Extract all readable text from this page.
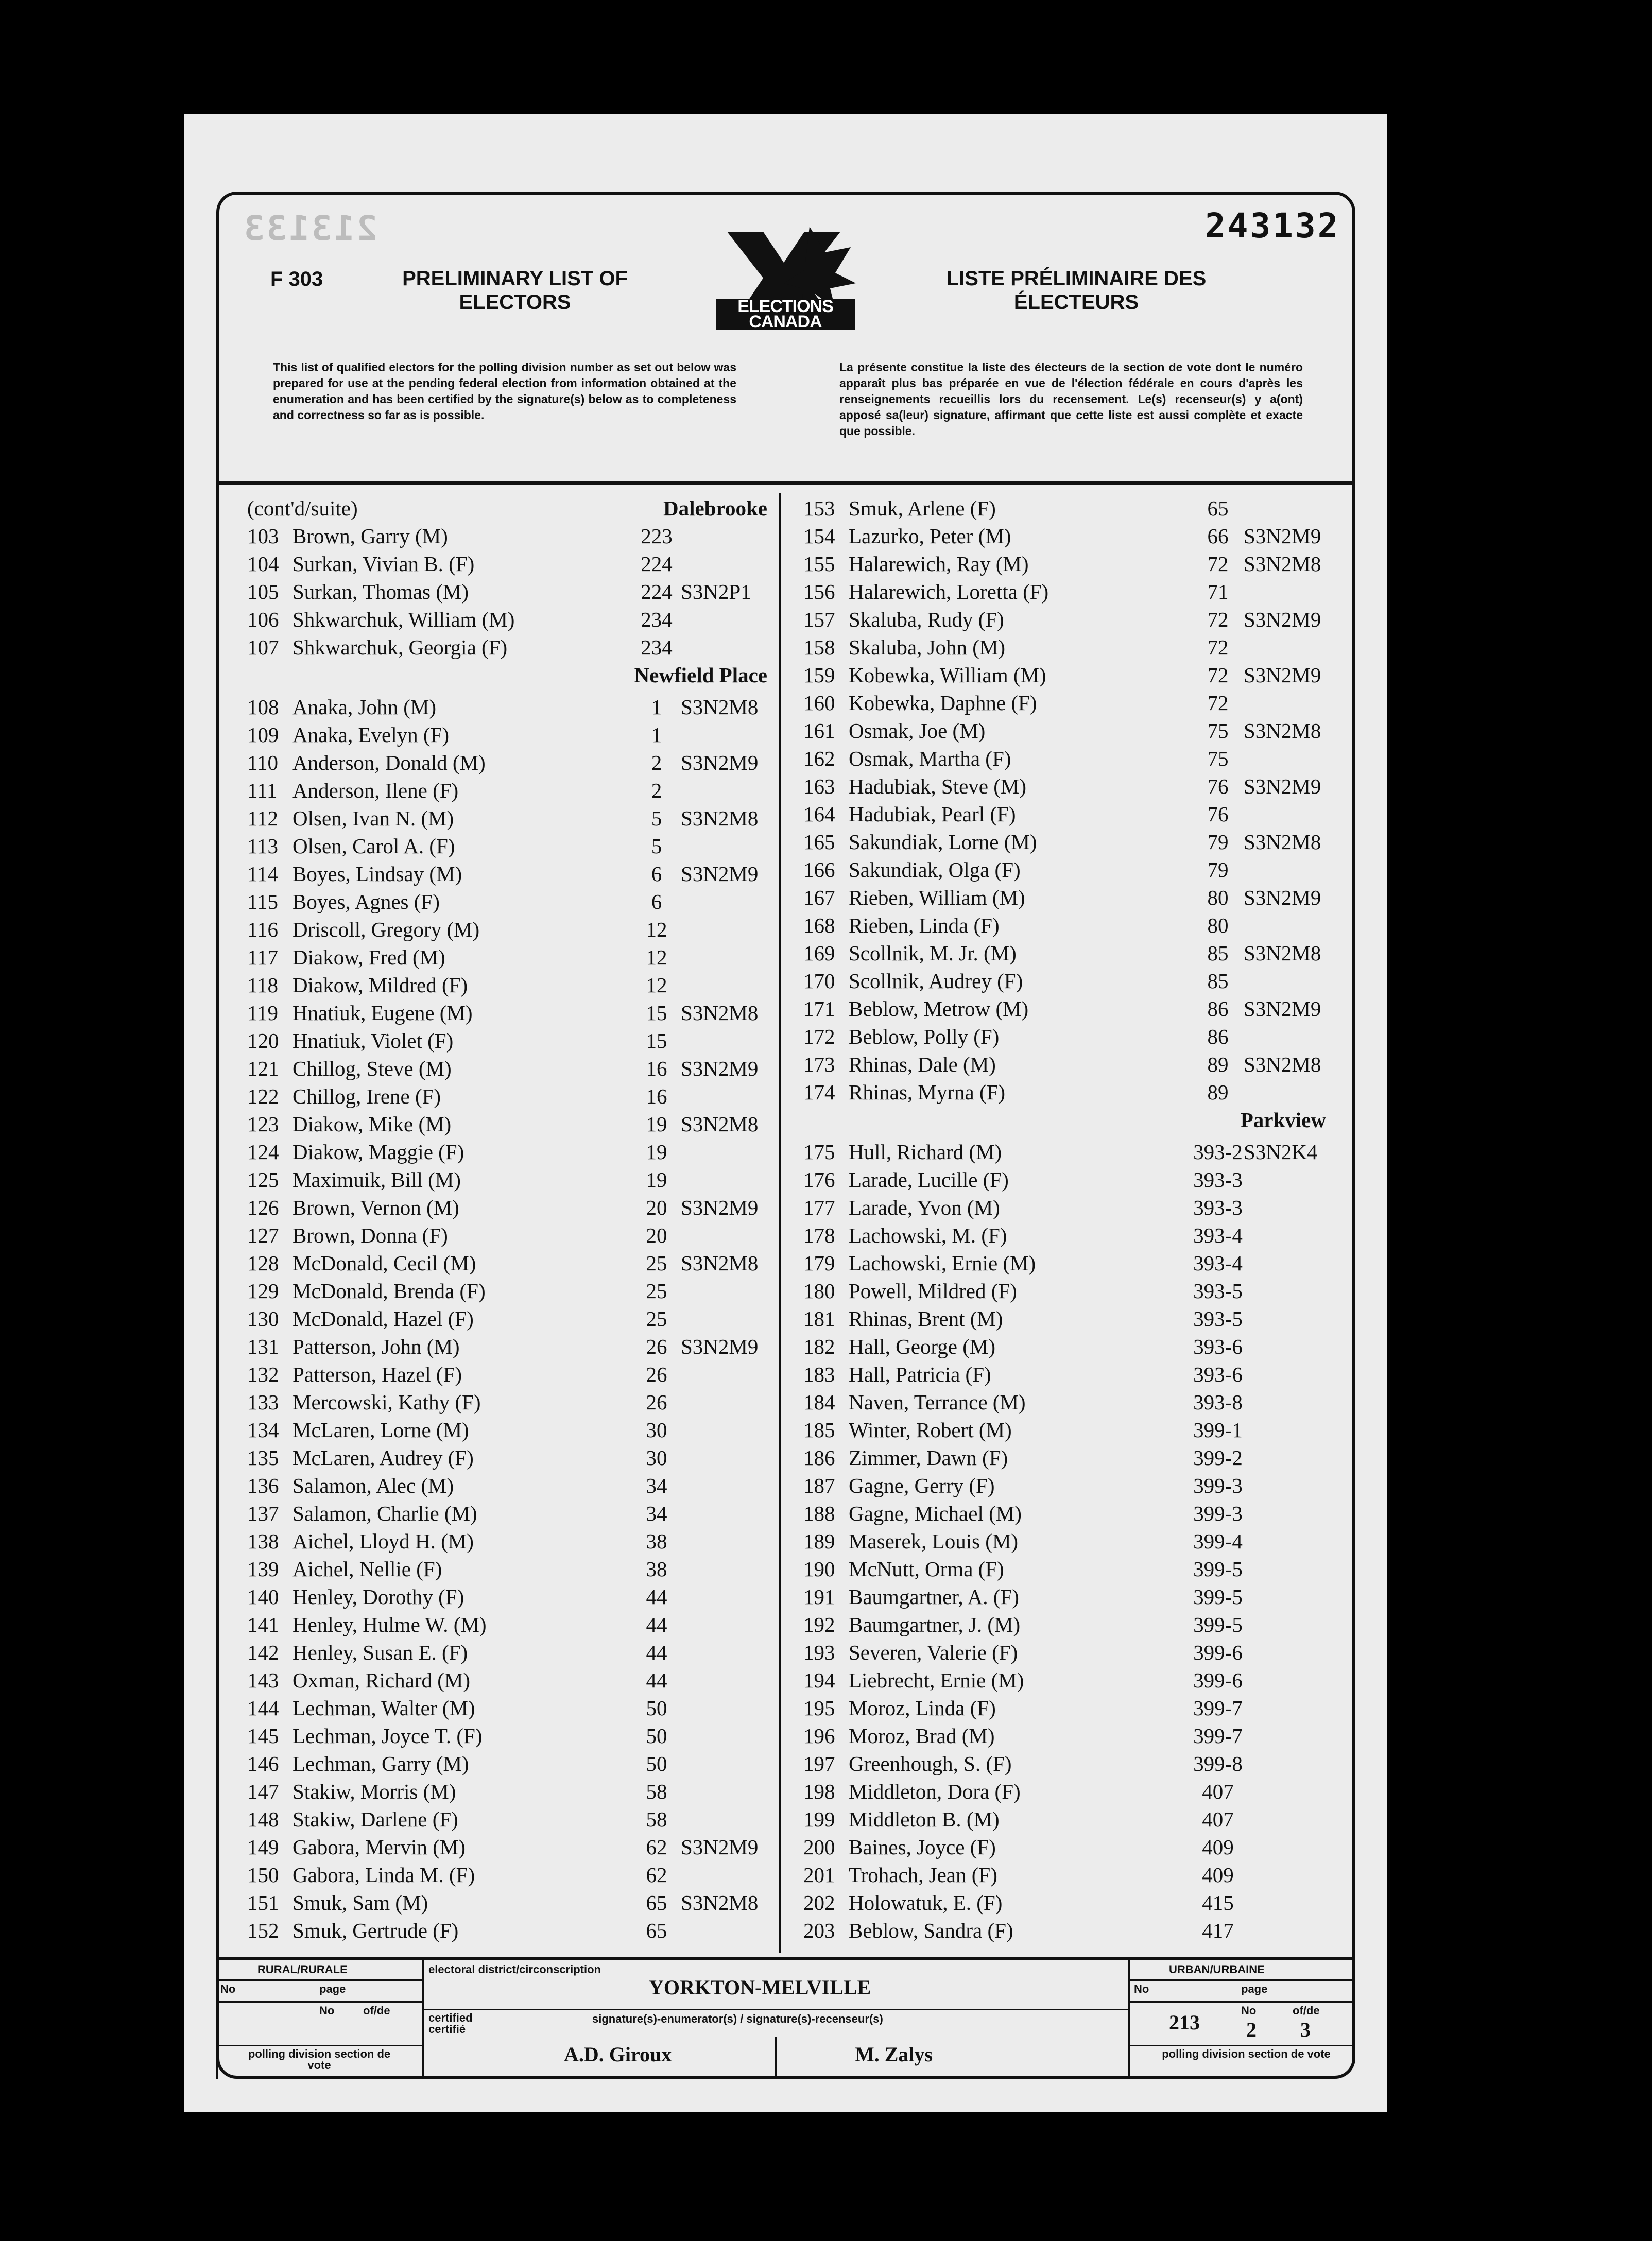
213133	243132
F 303	PRELIMINARY LIST OF ELECTORS
LISTE PRÉLIMINAIRE DES ÉLECTEURS
ELECTIONS CANADA
This list of qualified electors for the polling division number as set out below was prepared for use at the pending federal election from information obtained at the enumeration and has been certified by the signature(s) below as to completeness and correctness so far as is possible.
La présente constitue la liste des électeurs de la section de vote dont le numéro apparaît plus bas préparée en vue de l'élection fédérale en cours d'après les renseignements recueillis lors du recensement. Le(s) recenseur(s) y a(ont) apposé sa(leur) signature, affirmant que cette liste est aussi complète et exacte que possible.
(cont'd/suite)	Dalebrooke
103 Brown, Garry (M)	223
104 Surkan, Vivian B. (F)	224
105 Surkan, Thomas (M)	224 S3N2P1
106 Shkwarchuk, William (M)	234
107 Shkwarchuk, Georgia (F)	234
Newfield Place
108 Anaka, John (M)	1 S3N2M8
109 Anaka, Evelyn (F)	1
110 Anderson, Donald (M)	2 S3N2M9
111 Anderson, Ilene (F)	2
112 Olsen, Ivan N. (M)	5 S3N2M8
113 Olsen, Carol A. (F)	5
114 Boyes, Lindsay (M)	6 S3N2M9
115 Boyes, Agnes (F)	6
116 Driscoll, Gregory (M)	12
117 Diakow, Fred (M)	12
118 Diakow, Mildred (F)	12
119 Hnatiuk, Eugene (M)	15 S3N2M8
120 Hnatiuk, Violet (F)	15
121 Chillog, Steve (M)	16 S3N2M9
122 Chillog, Irene (F)	16
123 Diakow, Mike (M)	19 S3N2M8
124 Diakow, Maggie (F)	19
125 Maximuik, Bill (M)	19
126 Brown, Vernon (M)	20 S3N2M9
127 Brown, Donna (F)	20
128 McDonald, Cecil (M)	25 S3N2M8
129 McDonald, Brenda (F)	25
130 McDonald, Hazel (F)	25
131 Patterson, John (M)	26 S3N2M9
132 Patterson, Hazel (F)	26
133 Mercowski, Kathy (F)	26
134 McLaren, Lorne (M)	30
135 McLaren, Audrey (F)	30
136 Salamon, Alec (M)	34
137 Salamon, Charlie (M)	34
138 Aichel, Lloyd H. (M)	38
139 Aichel, Nellie (F)	38
140 Henley, Dorothy (F)	44
141 Henley, Hulme W. (M)	44
142 Henley, Susan E. (F)	44
143 Oxman, Richard (M)	44
144 Lechman, Walter (M)	50
145 Lechman, Joyce T. (F)	50
146 Lechman, Garry (M)	50
147 Stakiw, Morris (M)	58
148 Stakiw, Darlene (F)	58
149 Gabora, Mervin (M)	62 S3N2M9
150 Gabora, Linda M. (F)	62
151 Smuk, Sam (M)	65 S3N2M8
152 Smuk, Gertrude (F)	65
153 Smuk, Arlene (F)	65
154 Lazurko, Peter (M)	66 S3N2M9
155 Halarewich, Ray (M)	72 S3N2M8
156 Halarewich, Loretta (F)	71
157 Skaluba, Rudy (F)	72 S3N2M9
158 Skaluba, John (M)	72
159 Kobewka, William (M)	72 S3N2M9
160 Kobewka, Daphne (F)	72
161 Osmak, Joe (M)	75 S3N2M8
162 Osmak, Martha (F)	75
163 Hadubiak, Steve (M)	76 S3N2M9
164 Hadubiak, Pearl (F)	76
165 Sakundiak, Lorne (M)	79 S3N2M8
166 Sakundiak, Olga (F)	79
167 Rieben, William (M)	80 S3N2M9
168 Rieben, Linda (F)	80
169 Scollnik, M. Jr. (M)	85 S3N2M8
170 Scollnik, Audrey (F)	85
171 Beblow, Metrow (M)	86 S3N2M9
172 Beblow, Polly (F)	86
173 Rhinas, Dale (M)	89 S3N2M8
174 Rhinas, Myrna (F)	89
Parkview
175 Hull, Richard (M)	393-2 S3N2K4
176 Larade, Lucille (F)	393-3
177 Larade, Yvon (M)	393-3
178 Lachowski, M. (F)	393-4
179 Lachowski, Ernie (M)	393-4
180 Powell, Mildred (F)	393-5
181 Rhinas, Brent (M)	393-5
182 Hall, George (M)	393-6
183 Hall, Patricia (F)	393-6
184 Naven, Terrance (M)	393-8
185 Winter, Robert (M)	399-1
186 Zimmer, Dawn (F)	399-2
187 Gagne, Gerry (F)	399-3
188 Gagne, Michael (M)	399-3
189 Maserek, Louis (M)	399-4
190 McNutt, Orma (F)	399-5
191 Baumgartner, A. (F)	399-5
192 Baumgartner, J. (M)	399-5
193 Severen, Valerie (F)	399-6
194 Liebrecht, Ernie (M)	399-6
195 Moroz, Linda (F)	399-7
196 Moroz, Brad (M)	399-7
197 Greenhough, S. (F)	399-8
198 Middleton, Dora (F)	407
199 Middleton B. (M)	407
200 Baines, Joyce (F)	409
201 Trohach, Jean (F)	409
202 Holowatuk, E. (F)	415
203 Beblow, Sandra (F)	417
RURAL/RURALE
No	page
No	of/de
polling division section de vote
electoral district/circonscription
YORKTON-MELVILLE
certified certifié
signature(s)-enumerator(s) / signature(s)-recenseur(s)
A.D. Giroux	M. Zalys
URBAN/URBAINE
No	page
213
No	of/de
2 3
polling division section de vote
